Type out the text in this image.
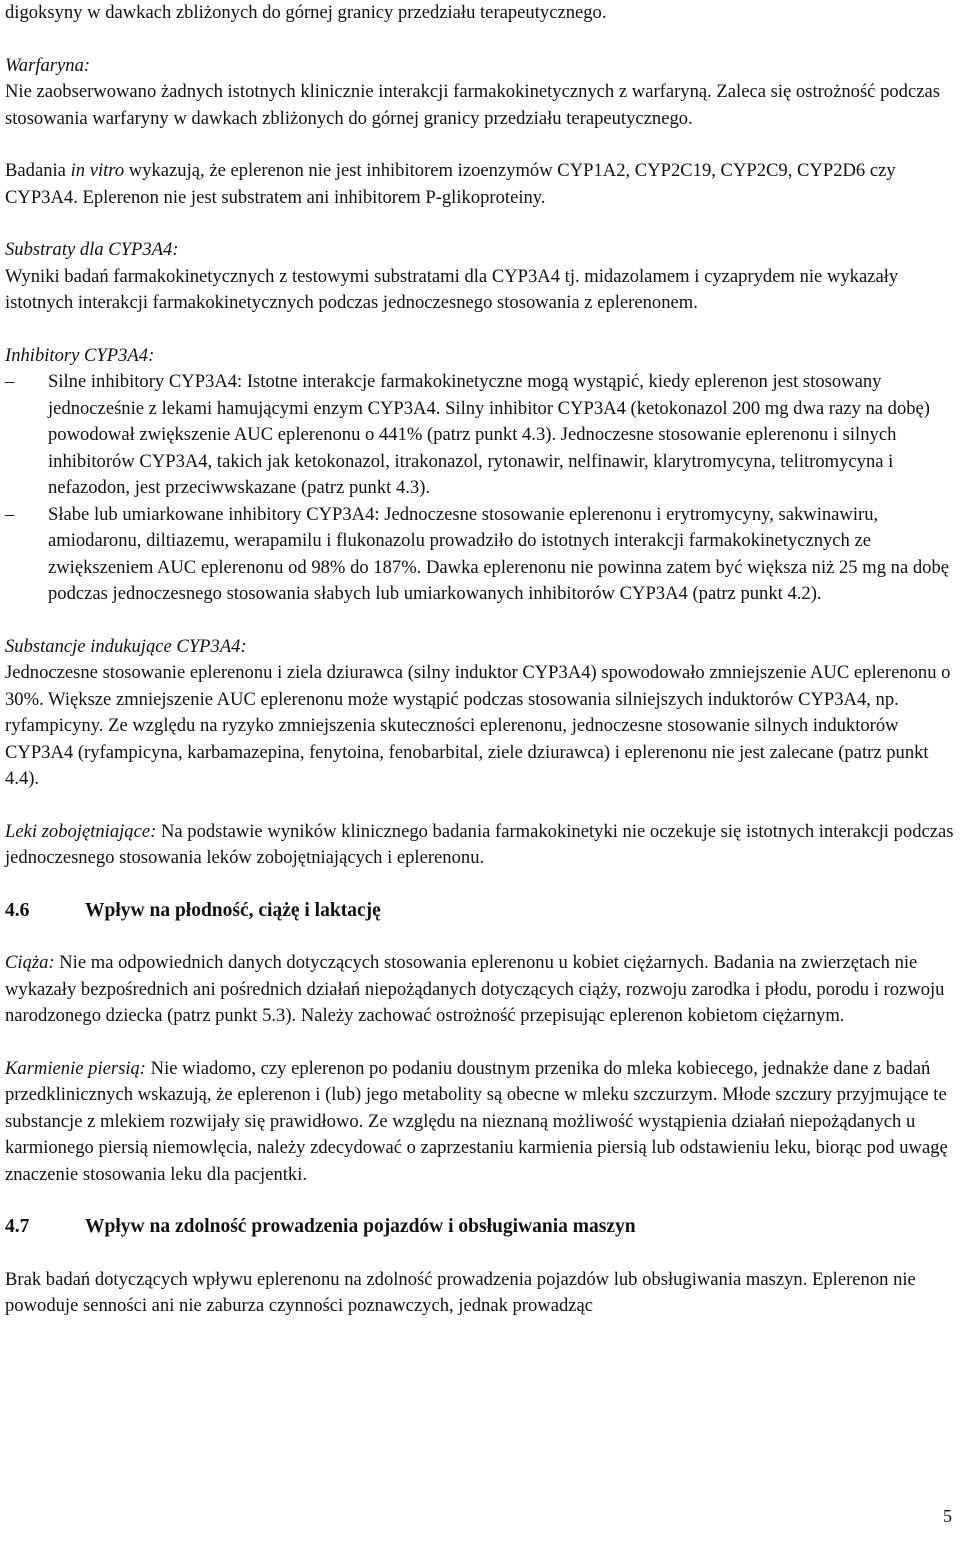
digoksyny w dawkach zbliżonych do górnej granicy przedziału terapeutycznego.

Warfaryna:

Nie zaobserwowano żadnych istotnych klinicznie interakcji farmakokinetycznych z warfaryną. Zaleca się ostrożność podczas stosowania warfaryny w dawkach zbliżonych do górnej granicy przedziału terapeutycznego.

Badania in vitro wykazują, że eplerenon nie jest inhibitorem izoenzymów CYP1A2, CYP2C19, CYP2C9, CYP2D6 czy CYP3A4. Eplerenon nie jest substratem ani inhibitorem P-glikoproteiny.

Substraty dla CYP3A4:

Wyniki badań farmakokinetycznych z testowymi substratami dla CYP3A4 tj. midazolamem i cyzaprydem nie wykazały istotnych interakcji farmakokinetycznych podczas jednoczesnego stosowania z eplerenonem.

Inhibitory CYP3A4:

–	Silne inhibitory CYP3A4: Istotne interakcje farmakokinetyczne mogą wystąpić, kiedy eplerenon jest stosowany jednocześnie z lekami hamującymi enzym CYP3A4. Silny inhibitor CYP3A4 (ketokonazol 200 mg dwa razy na dobę) powodował zwiększenie AUC eplerenonu o 441% (patrz punkt 4.3). Jednoczesne stosowanie eplerenonu i silnych inhibitorów CYP3A4, takich jak ketokonazol, itrakonazol, rytonawir, nelfinawir, klarytromycyna, telitromycyna i nefazodon, jest przeciwwskazane (patrz punkt 4.3).

–	Słabe lub umiarkowane inhibitory CYP3A4: Jednoczesne stosowanie eplerenonu i erytromycyny, sakwinawiru, amiodaronu, diltiazemu, werapamilu i flukonazolu prowadziło do istotnych interakcji farmakokinetycznych ze zwiększeniem AUC eplerenonu od 98% do 187%. Dawka eplerenonu nie powinna zatem być większa niż 25 mg na dobę podczas jednoczesnego stosowania słabych lub umiarkowanych inhibitorów CYP3A4 (patrz punkt 4.2).

Substancje indukujące CYP3A4:

Jednoczesne stosowanie eplerenonu i ziela dziurawca (silny induktor CYP3A4) spowodowało zmniejszenie AUC eplerenonu o 30%. Większe zmniejszenie AUC eplerenonu może wystąpić podczas stosowania silniejszych induktorów CYP3A4, np. ryfampicyny. Ze względu na ryzyko zmniejszenia skuteczności eplerenonu, jednoczesne stosowanie silnych induktorów CYP3A4 (ryfampicyna, karbamazepina, fenytoina, fenobarbital, ziele dziurawca) i eplerenonu nie jest zalecane (patrz punkt 4.4).

Leki zobojętniające: Na podstawie wyników klinicznego badania farmakokinetyki nie oczekuje się istotnych interakcji podczas jednoczesnego stosowania leków zobojętniających i eplerenonu.

4.6	Wpływ na płodność, ciążę i laktację

Ciąża: Nie ma odpowiednich danych dotyczących stosowania eplerenonu u kobiet ciężarnych. Badania na zwierzętach nie wykazały bezpośrednich ani pośrednich działań niepożądanych dotyczących ciąży, rozwoju zarodka i płodu, porodu i rozwoju narodzonego dziecka (patrz punkt 5.3). Należy zachować ostrożność przepisując eplerenon kobietom ciężarnym.

Karmienie piersią: Nie wiadomo, czy eplerenon po podaniu doustnym przenika do mleka kobiecego, jednakże dane z badań przedklinicznych wskazują, że eplerenon i (lub) jego metabolity są obecne w mleku szczurzym. Młode szczury przyjmujące te substancje z mlekiem rozwijały się prawidłowo. Ze względu na nieznaną możliwość wystąpienia działań niepożądanych u karmionego piersią niemowlęcia, należy zdecydować o zaprzestaniu karmienia piersią lub odstawieniu leku, biorąc pod uwagę znaczenie stosowania leku dla pacjentki.

4.7	Wpływ na zdolność prowadzenia pojazdów i obsługiwania maszyn

Brak badań dotyczących wpływu eplerenonu na zdolność prowadzenia pojazdów lub obsługiwania maszyn. Eplerenon nie powoduje senności ani nie zaburza czynności poznawczych, jednak prowadząc

5
